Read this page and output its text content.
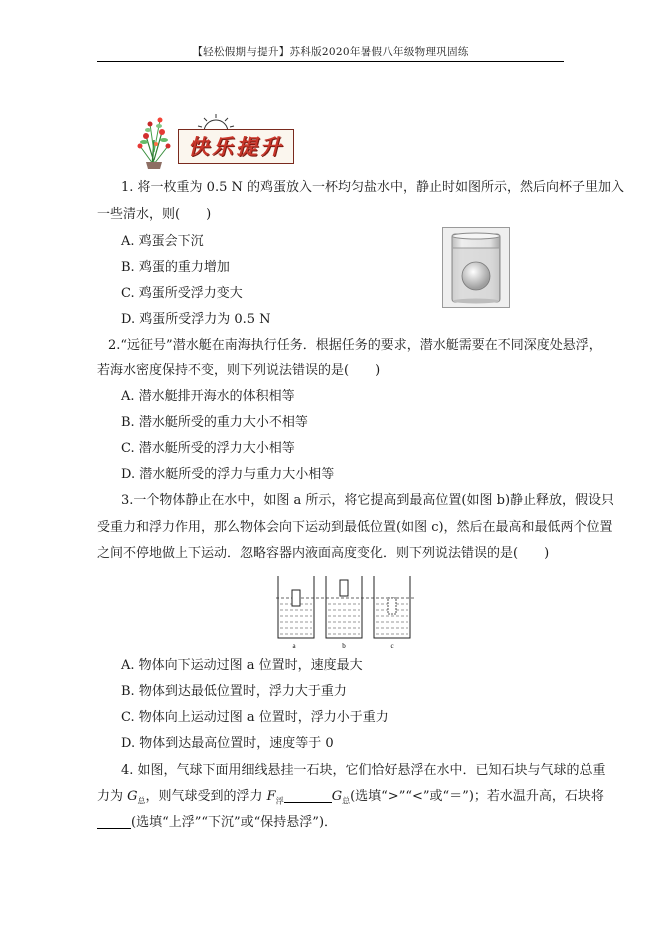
【轻松假期与提升】苏科版2020年暑假八年级物理巩固练
快乐提升
1. 将一枚重为 0.5 N 的鸡蛋放入一杯均匀盐水中，静止时如图所示，然后向杯子里加入
一些清水，则(　　)
A. 鸡蛋会下沉
B. 鸡蛋的重力增加
C. 鸡蛋所受浮力变大
D. 鸡蛋所受浮力为 0.5 N
2.“远征号”潜水艇在南海执行任务．根据任务的要求，潜水艇需要在不同深度处悬浮，
若海水密度保持不变，则下列说法错误的是(　　)
A. 潜水艇排开海水的体积相等
B. 潜水艇所受的重力大小不相等
C. 潜水艇所受的浮力大小相等
D. 潜水艇所受的浮力与重力大小相等
3.一个物体静止在水中，如图 a 所示，将它提高到最高位置(如图 b)静止释放，假设只
受重力和浮力作用，那么物体会向下运动到最低位置(如图 c)，然后在最高和最低两个位置
之间不停地做上下运动．忽略容器内液面高度变化．则下列说法错误的是(　　)
a	b	c
A. 物体向下运动过图 a 位置时，速度最大
B. 物体到达最低位置时，浮力大于重力
C. 物体向上运动过图 a 位置时，浮力小于重力
D. 物体到达最高位置时，速度等于 0
4. 如图，气球下面用细线悬挂一石块，它们恰好悬浮在水中．已知石块与气球的总重
力为 $G_总$，则气球受到的浮力 $F_浮$	$G_总$(选填“>”“<”或“＝”)；若水温升高，石块将
(选填“上浮”“下沉”或“保持悬浮”)．
